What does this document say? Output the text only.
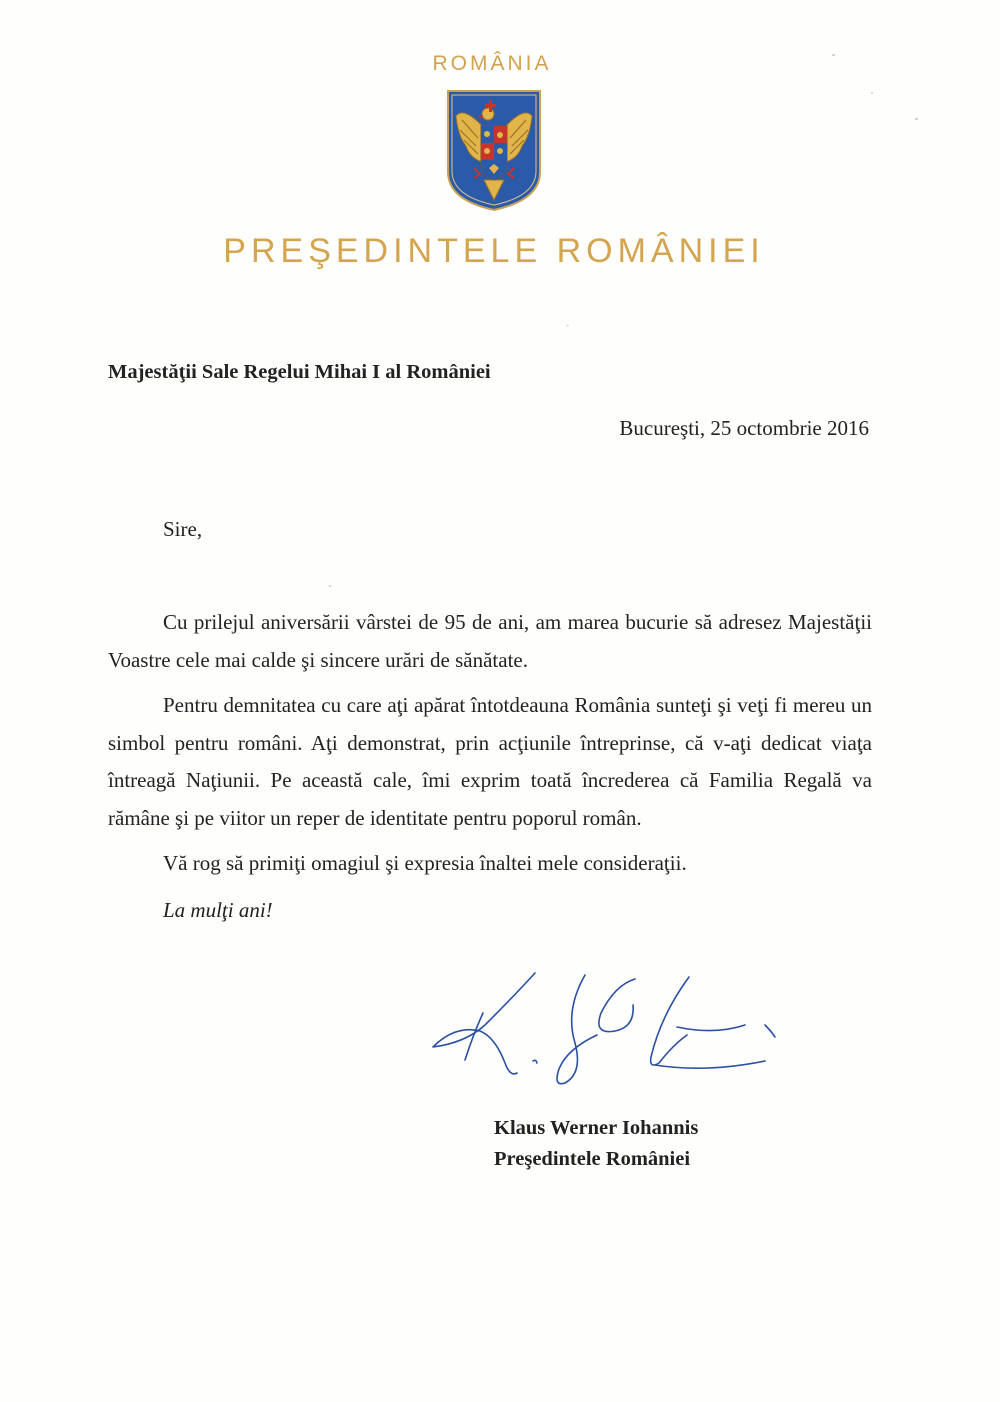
ROMÂNIA
PREŞEDINTELE ROMÂNIEI
Majestăţii Sale Regelui Mihai I al României
Bucureşti, 25 octombrie 2016
Sire,

Cu prilejul aniversării vârstei de 95 de ani, am marea bucurie să adresez Majestăţii Voastre cele mai calde şi sincere urări de sănătate.

Pentru demnitatea cu care aţi apărat întotdeauna România sunteţi şi veţi fi mereu un simbol pentru români. Aţi demonstrat, prin acţiunile întreprinse, că v-aţi dedicat viaţa întreagă Naţiunii. Pe această cale, îmi exprim toată încrederea că Familia Regală va rămâne şi pe viitor un reper de identitate pentru poporul român.

Vă rog să primiţi omagiul şi expresia înaltei mele consideraţii.

La mulţi ani!
Klaus Werner Iohannis
Preşedintele României
